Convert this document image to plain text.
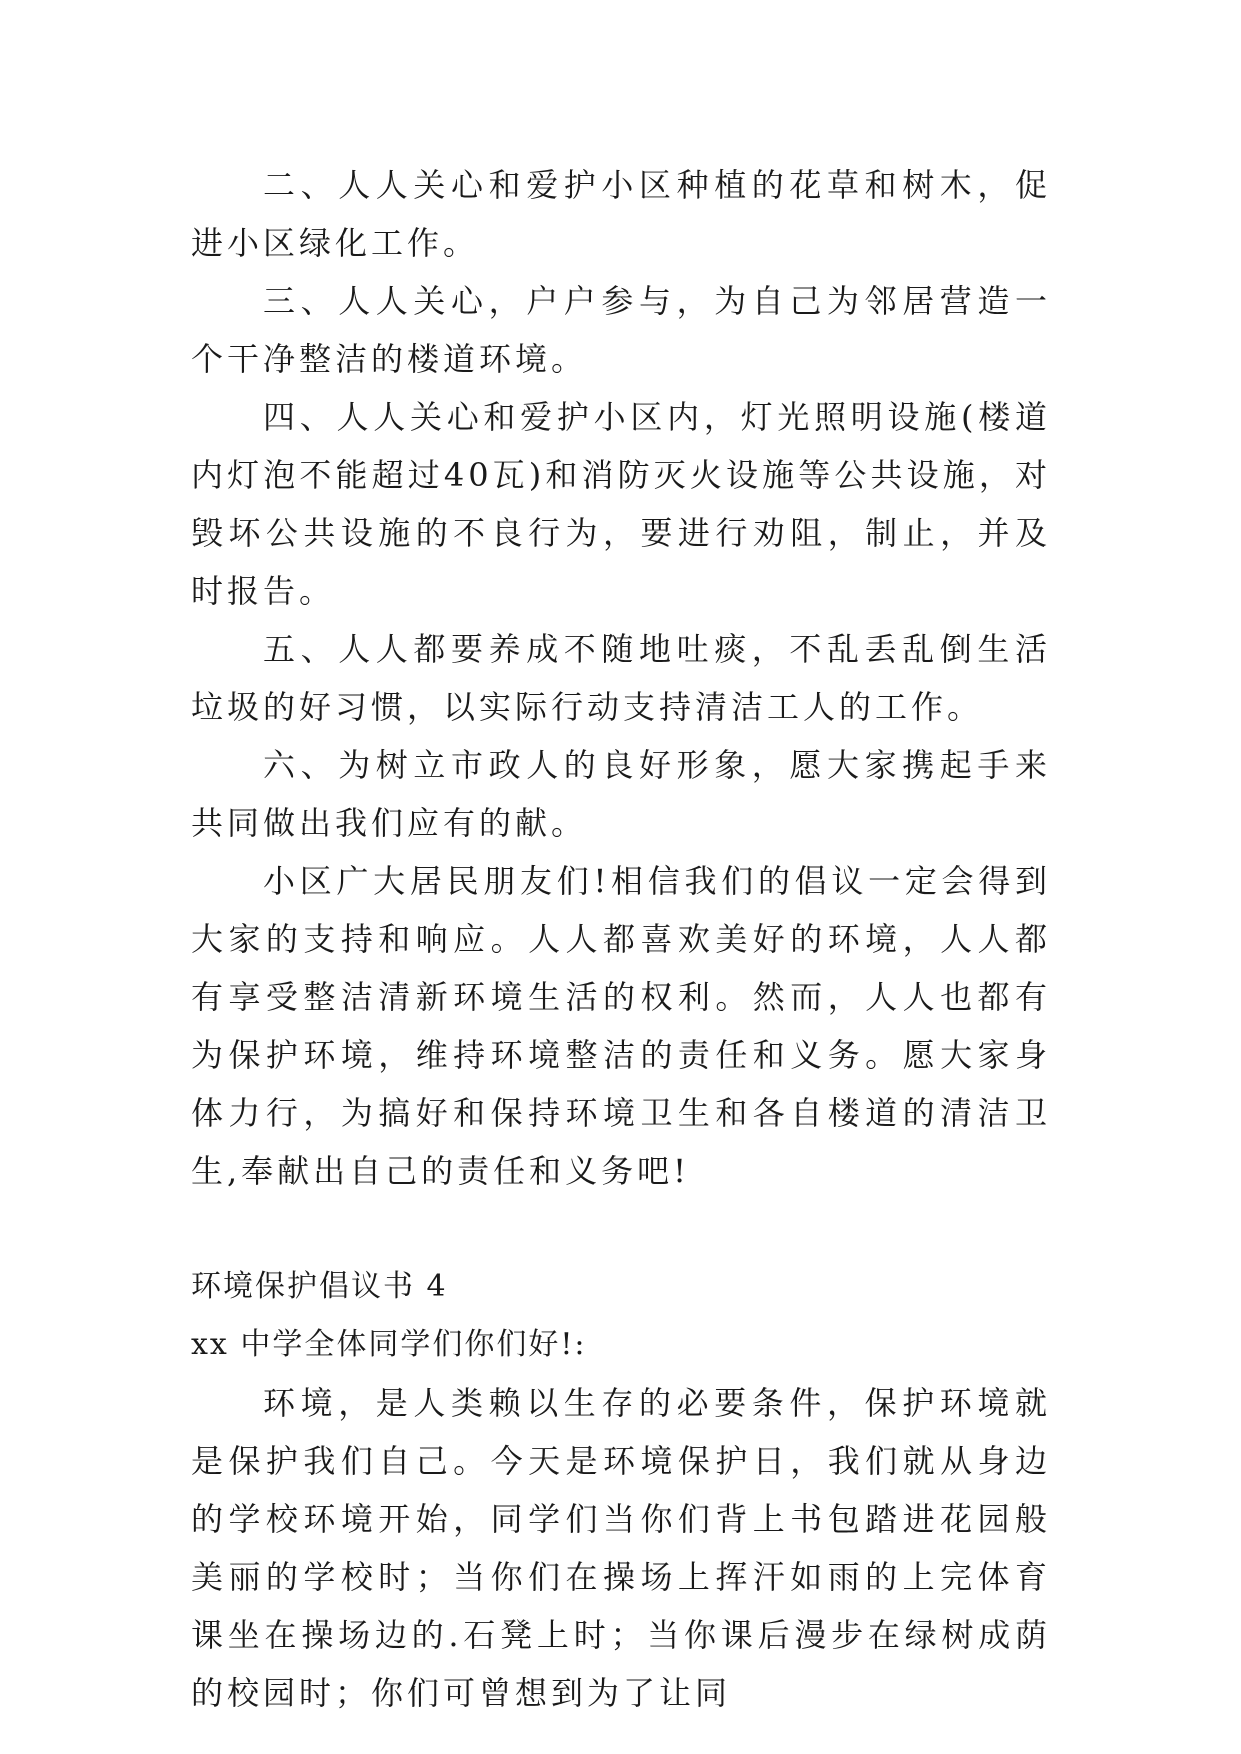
二、人人关心和爱护小区种植的花草和树木，促进小区绿化工作。

三、人人关心，户户参与，为自己为邻居营造一个干净整洁的楼道环境。

四、人人关心和爱护小区内，灯光照明设施(楼道内灯泡不能超过40瓦)和消防灭火设施等公共设施，对毁坏公共设施的不良行为，要进行劝阻，制止，并及时报告。

五、人人都要养成不随地吐痰，不乱丢乱倒生活垃圾的好习惯，以实际行动支持清洁工人的工作。

六、为树立市政人的良好形象，愿大家携起手来共同做出我们应有的献。

小区广大居民朋友们!相信我们的倡议一定会得到大家的支持和响应。人人都喜欢美好的环境，人人都有享受整洁清新环境生活的权利。然而，人人也都有为保护环境，维持环境整洁的责任和义务。愿大家身体力行，为搞好和保持环境卫生和各自楼道的清洁卫生,奉献出自己的责任和义务吧!

环境保护倡议书 4

xx 中学全体同学们你们好!:

环境，是人类赖以生存的必要条件，保护环境就是保护我们自己。今天是环境保护日，我们就从身边的学校环境开始，同学们当你们背上书包踏进花园般美丽的学校时；当你们在操场上挥汗如雨的上完体育课坐在操场边的.石凳上时；当你课后漫步在绿树成荫的校园时；你们可曾想到为了让同
